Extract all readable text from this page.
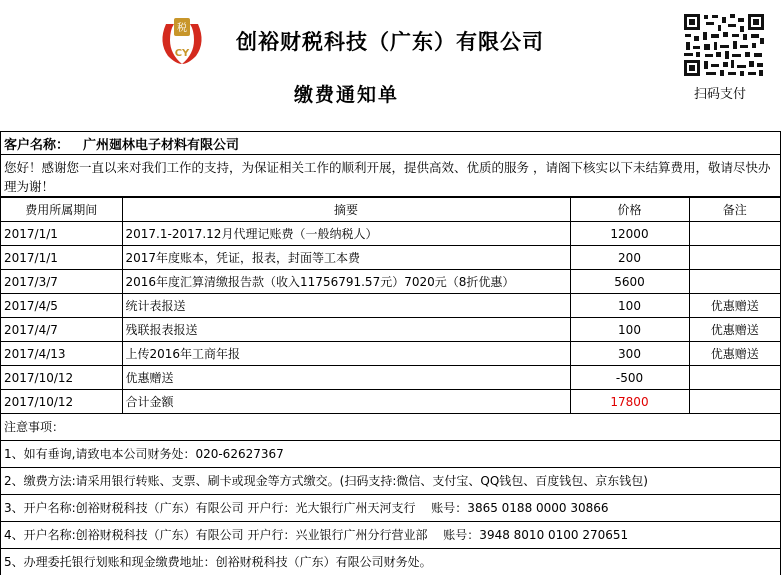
税
CY 创裕财税科技（广东）有限公司
缴费通知单	扫码支付
客户名称： 广州廻林电子材料有限公司
您好！感谢您一直以来对我们工作的支持，为保证相关工作的顺利开展，提供高效、优质的服务 ，请阁下核实以下未结算费用，敬请尽快办理为谢！
费用所属期间	摘要	价格	备注
2017/1/1	2017.1-2017.12月代理记账费（一般纳税人）	12000	
2017/1/1	2017年度账本，凭证，报表，封面等工本费	200	
2017/3/7	2016年度汇算清缴报告款（收入11756791.57元）7020元（8折优惠）	5600	
2017/4/5	统计表报送	100	优惠赠送
2017/4/7	残联报表报送	100	优惠赠送
2017/4/13	上传2016年工商年报	300	优惠赠送
2017/10/12	优惠赠送	-500	
2017/10/12	合计金额	17800	
注意事项：
1、如有垂询,请致电本公司财务处：020-62627367
2、缴费方法:请采用银行转账、支票、刷卡或现金等方式缴交。(扫码支持:微信、支付宝、QQ钱包、百度钱包、京东钱包)
3、开户名称:创裕财税科技（广东）有限公司 开户行：光大银行广州天河支行　 账号：3865 0188 0000 30866
4、开户名称:创裕财税科技（广东）有限公司 开户行：兴业银行广州分行营业部　 账号：3948 8010 0100 270651
5、办理委托银行划账和现金缴费地址：创裕财税科技（广东）有限公司财务处。
